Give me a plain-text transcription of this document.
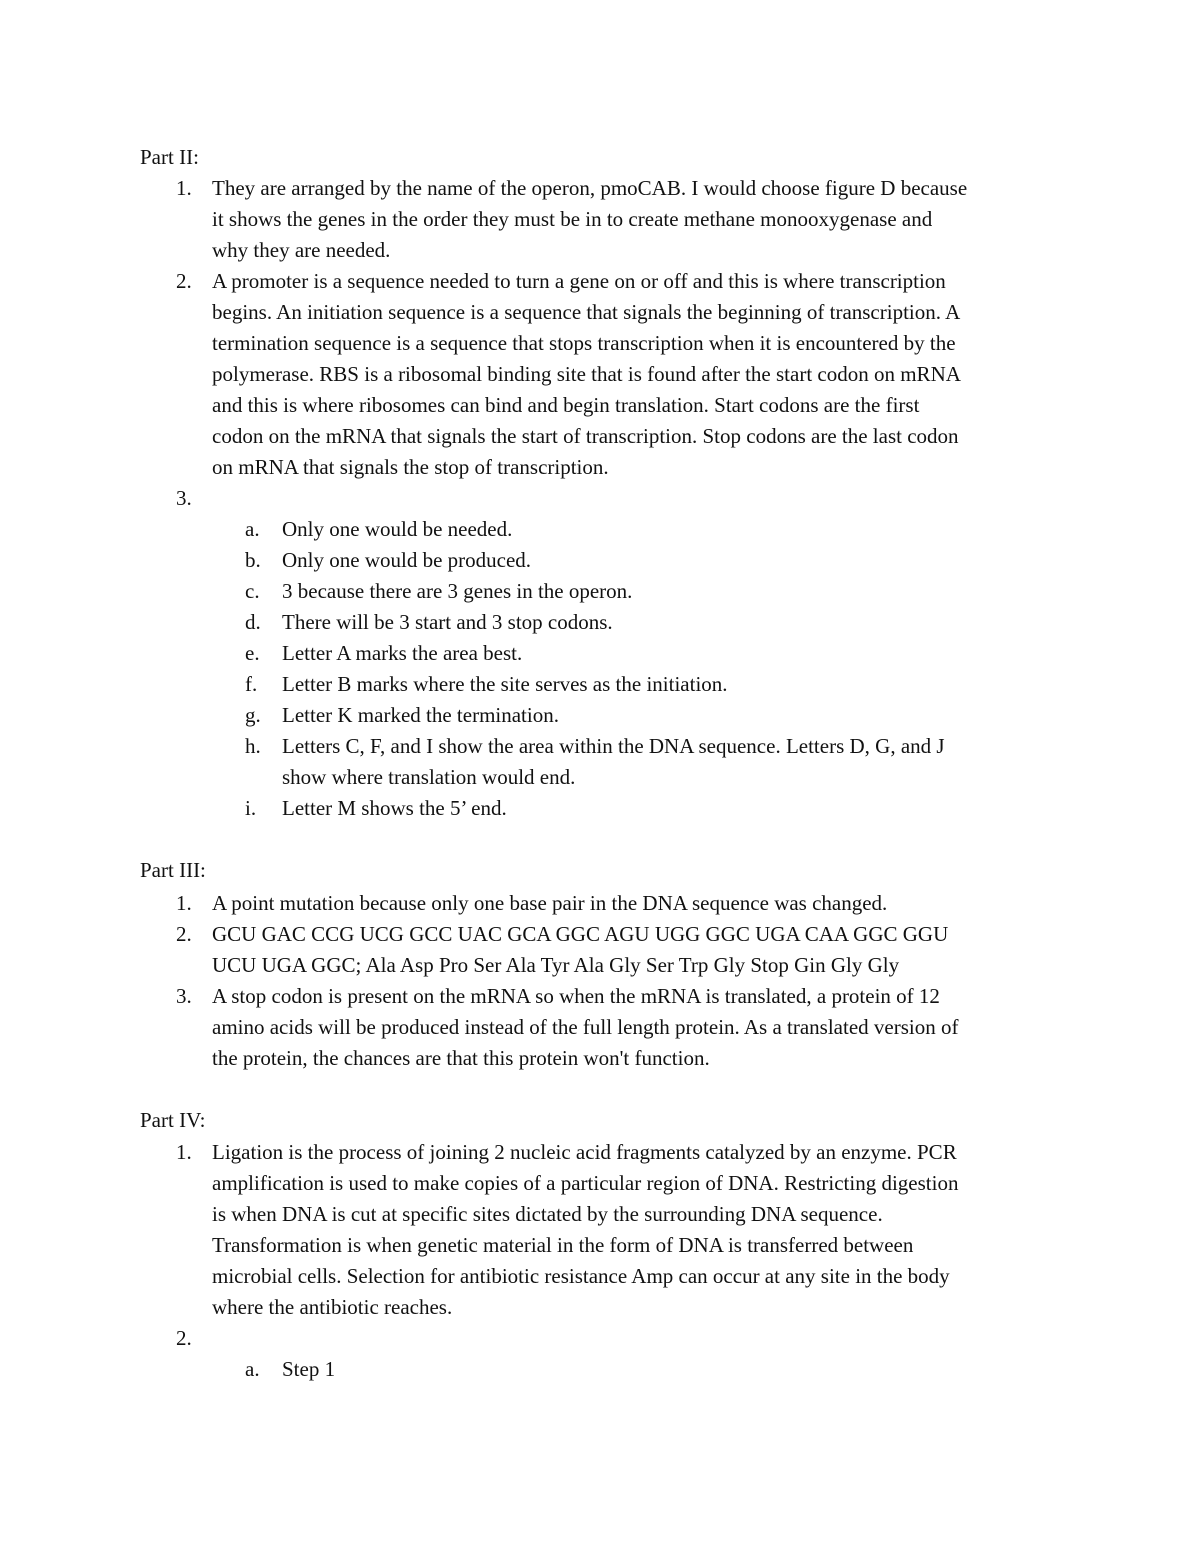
Part II:
1. They are arranged by the name of the operon, pmoCAB. I would choose figure D because
it shows the genes in the order they must be in to create methane monooxygenase and
why they are needed.
2. A promoter is a sequence needed to turn a gene on or off and this is where transcription
begins. An initiation sequence is a sequence that signals the beginning of transcription. A
termination sequence is a sequence that stops transcription when it is encountered by the
polymerase. RBS is a ribosomal binding site that is found after the start codon on mRNA
and this is where ribosomes can bind and begin translation. Start codons are the first
codon on the mRNA that signals the start of transcription. Stop codons are the last codon
on mRNA that signals the stop of transcription.
3.
a.	Only one would be needed.
b.	Only one would be produced.
c.	3 because there are 3 genes in the operon.
d.	There will be 3 start and 3 stop codons.
e.	Letter A marks the area best.
f.	Letter B marks where the site serves as the initiation.
g.	Letter K marked the termination.
h.	Letters C, F, and I show the area within the DNA sequence. Letters D, G, and J
show where translation would end.
i.	Letter M shows the 5’ end.
Part III:
1. A point mutation because only one base pair in the DNA sequence was changed.
2. GCU GAC CCG UCG GCC UAC GCA GGC AGU UGG GGC UGA CAA GGC GGU
UCU UGA GGC; Ala Asp Pro Ser Ala Tyr Ala Gly Ser Trp Gly Stop Gin Gly Gly
3. A stop codon is present on the mRNA so when the mRNA is translated, a protein of 12
amino acids will be produced instead of the full length protein. As a translated version of
the protein, the chances are that this protein won't function.
Part IV:
1. Ligation is the process of joining 2 nucleic acid fragments catalyzed by an enzyme. PCR
amplification is used to make copies of a particular region of DNA. Restricting digestion
is when DNA is cut at specific sites dictated by the surrounding DNA sequence.
Transformation is when genetic material in the form of DNA is transferred between
microbial cells. Selection for antibiotic resistance Amp can occur at any site in the body
where the antibiotic reaches.
2.
a.	Step 1
